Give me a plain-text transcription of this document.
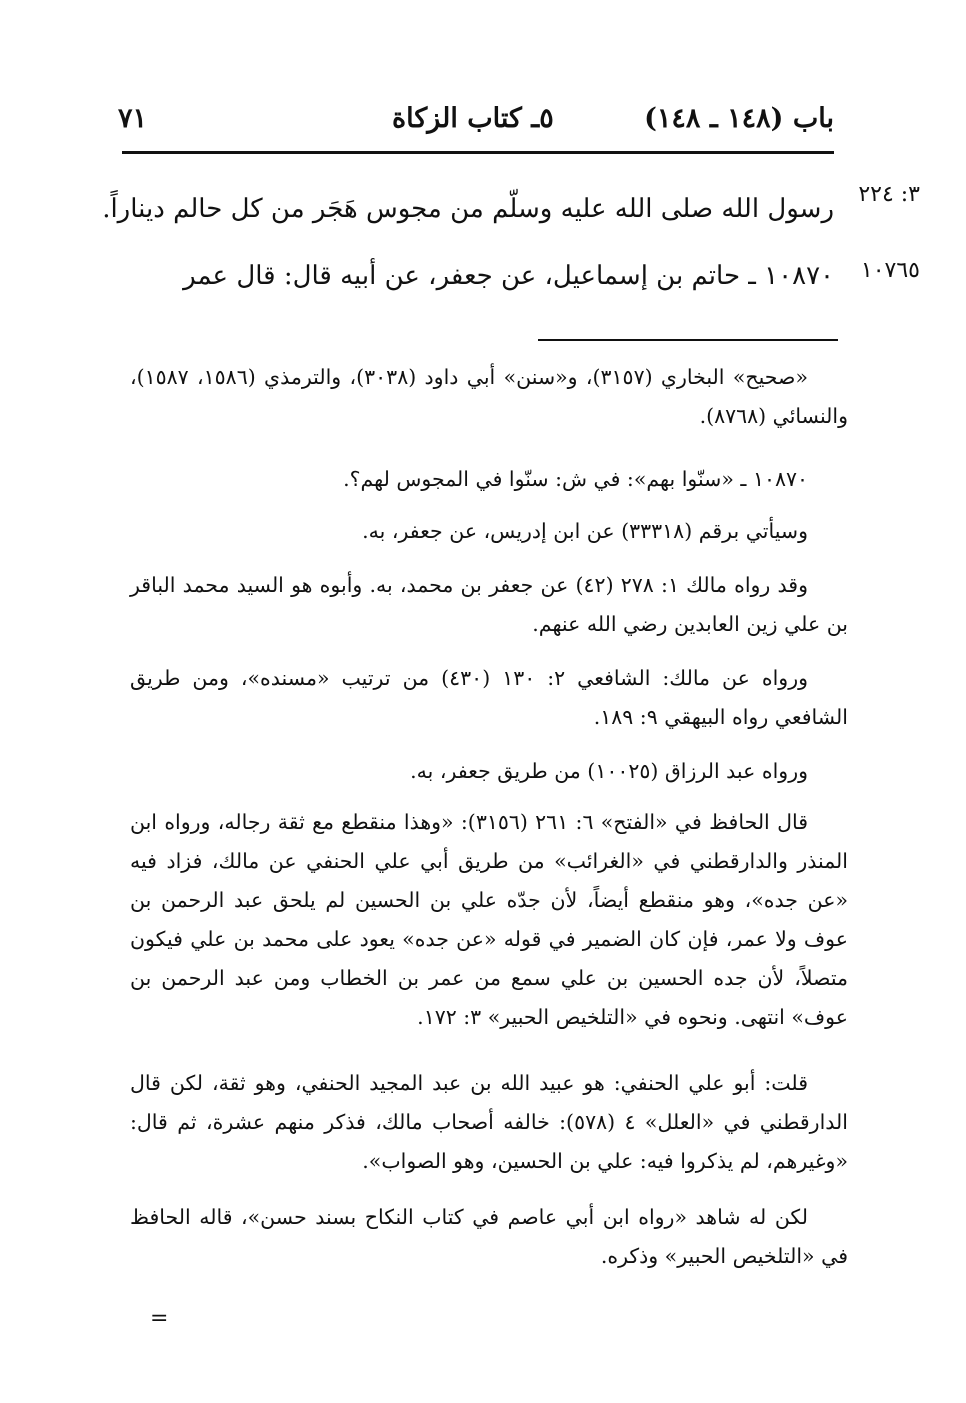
٧١	٥ـ كتاب الزكاة	باب (١٤٨ ـ ١٤٨)
٣: ٢٢٤
رسول الله صلى الله عليه وسلّم من مجوس هَجَر من كل حالم ديناراً.
١٠٧٦٥
١٠٨٧٠ ـ حاتم بن إسماعيل، عن جعفر، عن أبيه قال: قال عمر

«صحيح» البخاري (٣١٥٧)، و«سنن» أبي داود (٣٠٣٨)، والترمذي (١٥٨٦، ١٥٨٧)، والنسائي (٨٧٦٨).

١٠٨٧٠ ـ «سنّوا بهم»: في ش: سنّوا في المجوس لهم؟.

وسيأتي برقم (٣٣٣١٨) عن ابن إدريس، عن جعفر، به.

وقد رواه مالك ١: ٢٧٨ (٤٢) عن جعفر بن محمد، به. وأبوه هو السيد محمد الباقر بن علي زين العابدين رضي الله عنهم.

ورواه عن مالك: الشافعي ٢: ١٣٠ (٤٣٠) من ترتيب «مسنده»، ومن طريق الشافعي رواه البيهقي ٩: ١٨٩.

ورواه عبد الرزاق (١٠٠٢٥) من طريق جعفر، به.

قال الحافظ في «الفتح» ٦: ٢٦١ (٣١٥٦): «وهذا منقطع مع ثقة رجاله، ورواه ابن المنذر والدارقطني في «الغرائب» من طريق أبي علي الحنفي عن مالك، فزاد فيه «عن جده»، وهو منقطع أيضاً، لأن جدّه علي بن الحسين لم يلحق عبد الرحمن بن عوف ولا عمر، فإن كان الضمير في قوله «عن جده» يعود على محمد بن علي فيكون متصلاً، لأن جده الحسين بن علي سمع من عمر بن الخطاب ومن عبد الرحمن بن عوف» انتهى. ونحوه في «التلخيص الحبير» ٣: ١٧٢.

قلت: أبو علي الحنفي: هو عبيد الله بن عبد المجيد الحنفي، وهو ثقة، لكن قال الدارقطني في «العلل» ٤ (٥٧٨): خالفه أصحاب مالك، فذكر منهم عشرة، ثم قال: «وغيرهم، لم يذكروا فيه: علي بن الحسين، وهو الصواب».

لكن له شاهد «رواه ابن أبي عاصم في كتاب النكاح بسند حسن»، قاله الحافظ في «التلخيص الحبير» وذكره.

=
